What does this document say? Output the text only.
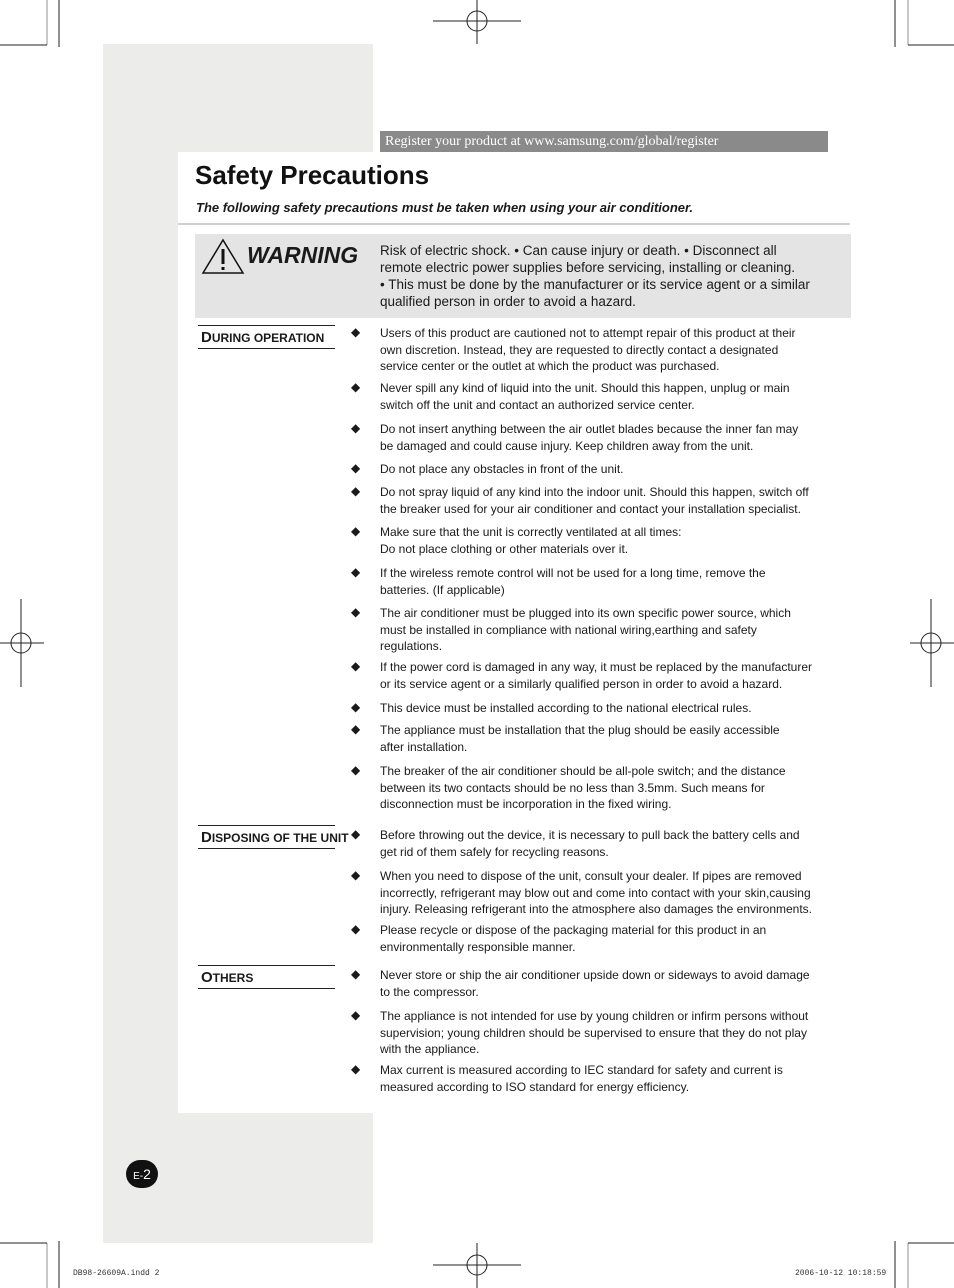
Register your product at www.samsung.com/global/register
Safety Precautions
The following safety precautions must be taken when using your air conditioner.
WARNING Risk of electric shock. • Can cause injury or death. • Disconnect all
remote electric power supplies before servicing, installing or cleaning.
• This must be done by the manufacturer or its service agent or a similar
qualified person in order to avoid a hazard.
DURING OPERATION
DISPOSING OF THE UNIT
OTHERS
◆ Users of this product are cautioned not to attempt repair of this product at their
own discretion. Instead, they are requested to directly contact a designated
service center or the outlet at which the product was purchased.
◆ Never spill any kind of liquid into the unit. Should this happen, unplug or main
switch off the unit and contact an authorized service center.
◆ Do not insert anything between the air outlet blades because the inner fan may
be damaged and could cause injury. Keep children away from the unit.
◆ Do not place any obstacles in front of the unit.
◆ Do not spray liquid of any kind into the indoor unit. Should this happen, switch off
the breaker used for your air conditioner and contact your installation specialist.
◆ Make sure that the unit is correctly ventilated at all times:
Do not place clothing or other materials over it.
◆ If the wireless remote control will not be used for a long time, remove the
batteries. (If applicable)
◆ The air conditioner must be plugged into its own specific power source, which
must be installed in compliance with national wiring,earthing and safety
regulations.
◆ If the power cord is damaged in any way, it must be replaced by the manufacturer
or its service agent or a similarly qualified person in order to avoid a hazard.
◆ This device must be installed according to the national electrical rules.
◆ The appliance must be installation that the plug should be easily accessible
after installation.
◆ The breaker of the air conditioner should be all-pole switch; and the distance
between its two contacts should be no less than 3.5mm. Such means for
disconnection must be incorporation in the fixed wiring.
◆ Before throwing out the device, it is necessary to pull back the battery cells and
get rid of them safely for recycling reasons.
◆ When you need to dispose of the unit, consult your dealer. If pipes are removed
incorrectly, refrigerant may blow out and come into contact with your skin,causing
injury. Releasing refrigerant into the atmosphere also damages the environments.
◆ Please recycle or dispose of the packaging material for this product in an
environmentally responsible manner.
◆ Never store or ship the air conditioner upside down or sideways to avoid damage
to the compressor.
◆ The appliance is not intended for use by young children or infirm persons without
supervision; young children should be supervised to ensure that they do not play
with the appliance.
◆ Max current is measured according to IEC standard for safety and current is
measured according to ISO standard for energy efficiency.
E-2
DB98-26609A.indd 2	2006-10-12 10:18:59
